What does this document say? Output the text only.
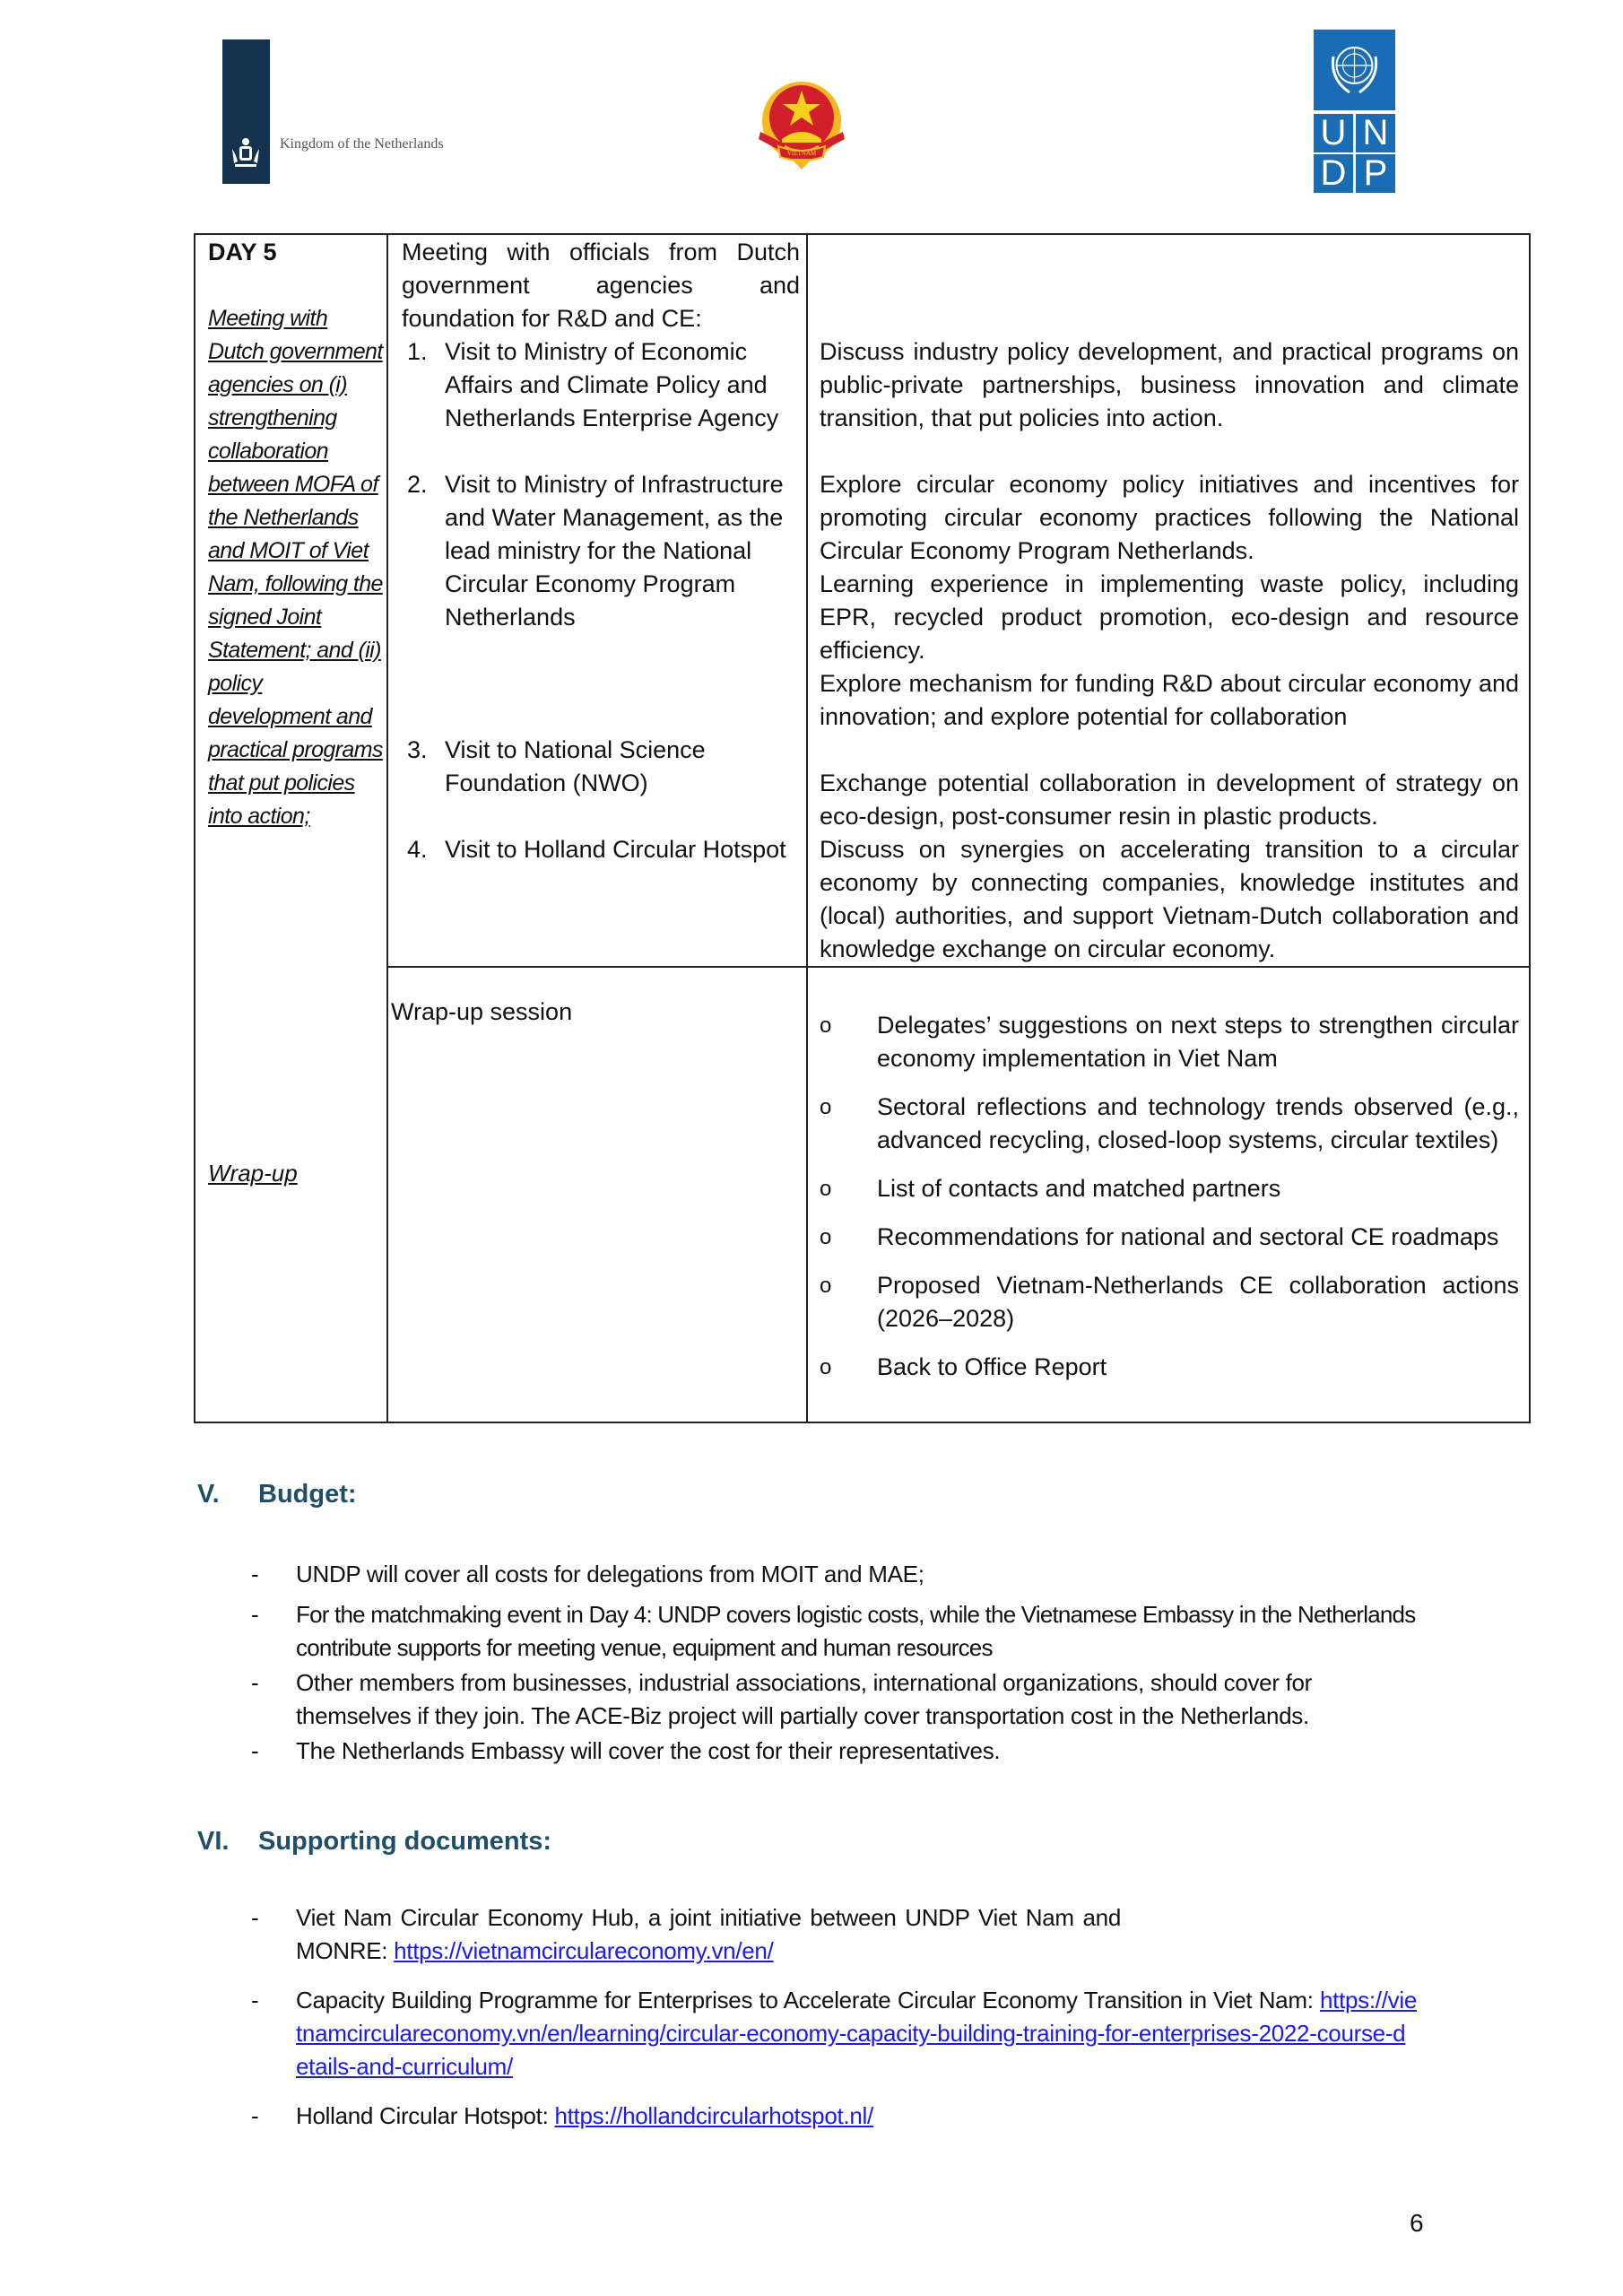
Kingdom of the Netherlands
VIETNAM
U N
D P
DAY 5
Meeting with Dutch government agencies on (i) strengthening collaboration between MOFA of the Netherlands and MOIT of Viet Nam, following the signed Joint Statement; and (ii) policy development and practical programs that put policies into action;
Wrap-up
Meeting with officials from Dutch government agencies and foundation for R&D and CE:
1. Visit to Ministry of Economic Affairs and Climate Policy and Netherlands Enterprise Agency
2. Visit to Ministry of Infrastructure and Water Management, as the lead ministry for the National Circular Economy Program Netherlands
3. Visit to National Science Foundation (NWO)
4. Visit to Holland Circular Hotspot
Wrap-up session
Discuss industry policy development, and practical programs on public-private partnerships, business innovation and climate transition, that put policies into action.
Explore circular economy policy initiatives and incentives for promoting circular economy practices following the National Circular Economy Program Netherlands.
Learning experience in implementing waste policy, including EPR, recycled product promotion, eco-design and resource efficiency.
Explore mechanism for funding R&D about circular economy and innovation; and explore potential for collaboration
Exchange potential collaboration in development of strategy on eco-design, post-consumer resin in plastic products.
Discuss on synergies on accelerating transition to a circular economy by connecting companies, knowledge institutes and (local) authorities, and support Vietnam-Dutch collaboration and knowledge exchange on circular economy.
o Delegates’ suggestions on next steps to strengthen circular economy implementation in Viet Nam
o Sectoral reflections and technology trends observed (e.g., advanced recycling, closed-loop systems, circular textiles)
o List of contacts and matched partners
o Recommendations for national and sectoral CE roadmaps
o Proposed Vietnam-Netherlands CE collaboration actions (2026–2028)
o Back to Office Report
V. Budget:
- UNDP will cover all costs for delegations from MOIT and MAE;
- For the matchmaking event in Day 4: UNDP covers logistic costs, while the Vietnamese Embassy in the Netherlands contribute supports for meeting venue, equipment and human resources
- Other members from businesses, industrial associations, international organizations, should cover for themselves if they join. The ACE-Biz project will partially cover transportation cost in the Netherlands.
- The Netherlands Embassy will cover the cost for their representatives.
VI. Supporting documents:
- Viet Nam Circular Economy Hub, a joint initiative between UNDP Viet Nam and MONRE: https://vietnamcirculareconomy.vn/en/
- Capacity Building Programme for Enterprises to Accelerate Circular Economy Transition in Viet Nam: https://vietnamcirculareconomy.vn/en/learning/circular-economy-capacity-building-training-for-enterprises-2022-course-details-and-curriculum/
- Holland Circular Hotspot: https://hollandcircularhotspot.nl/
6
